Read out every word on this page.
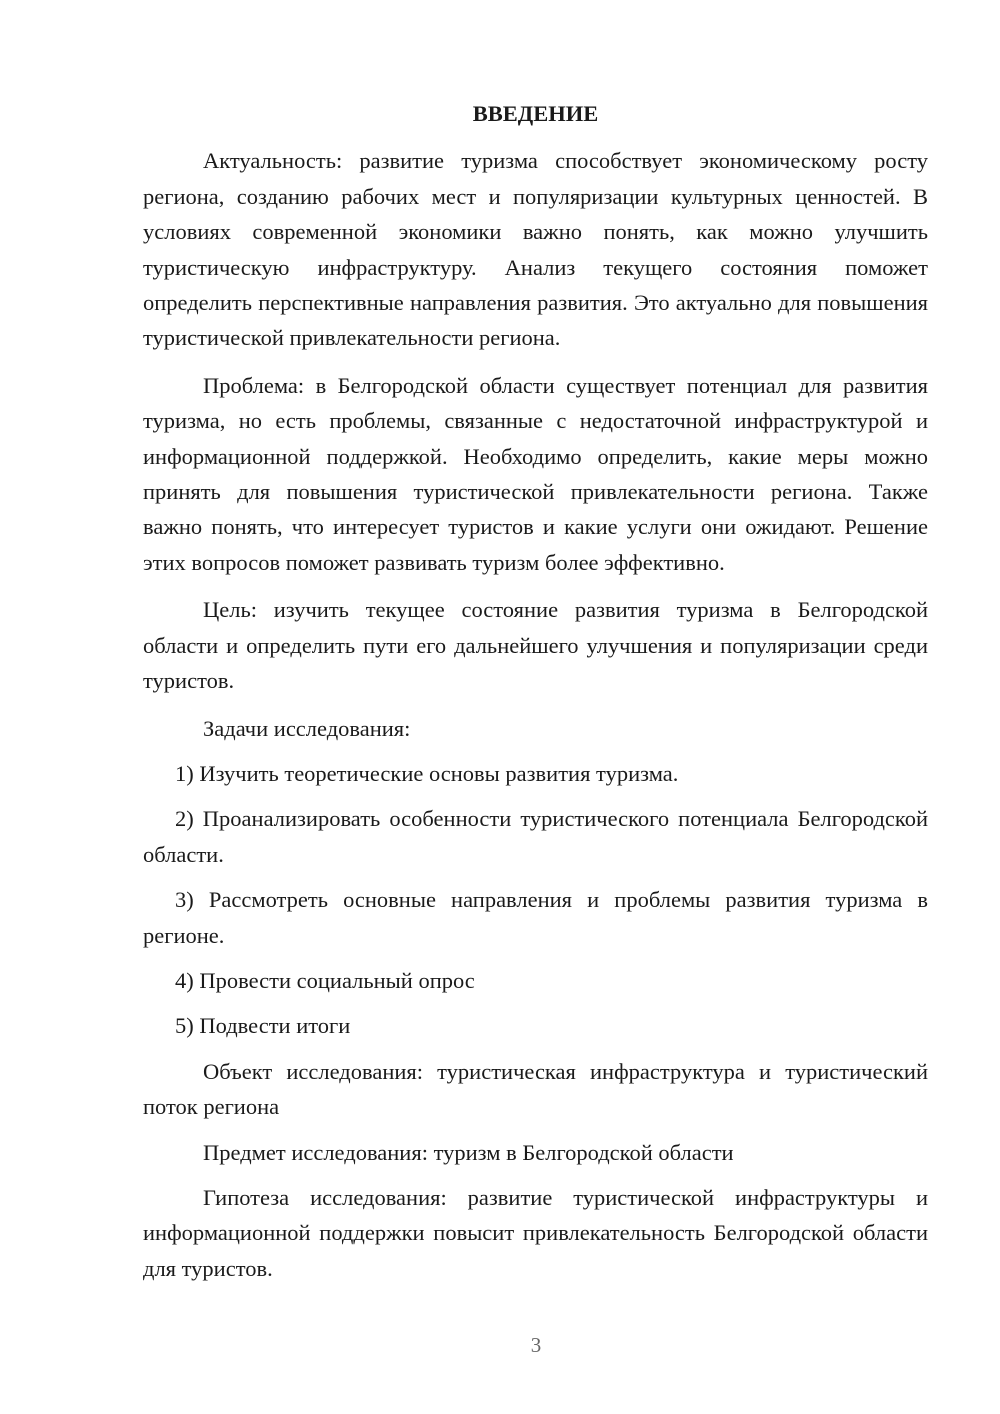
ВВЕДЕНИЕ

Актуальность: развитие туризма способствует экономическому росту региона, созданию рабочих мест и популяризации культурных ценностей. В условиях современной экономики важно понять, как можно улучшить туристическую инфраструктуру. Анализ текущего состояния поможет определить перспективные направления развития. Это актуально для повышения туристической привлекательности региона.

Проблема: в Белгородской области существует потенциал для развития туризма, но есть проблемы, связанные с недостаточной инфраструктурой и информационной поддержкой. Необходимо определить, какие меры можно принять для повышения туристической привлекательности региона. Также важно понять, что интересует туристов и какие услуги они ожидают. Решение этих вопросов поможет развивать туризм более эффективно.

Цель: изучить текущее состояние развития туризма в Белгородской области и определить пути его дальнейшего улучшения и популяризации среди туристов.

Задачи исследования:

1) Изучить теоретические основы развития туризма.

2) Проанализировать особенности туристического потенциала Белгородской области.

3) Рассмотреть основные направления и проблемы развития туризма в регионе.

4) Провести социальный опрос

5) Подвести итоги

Объект исследования: туристическая инфраструктура и туристический поток региона

Предмет исследования: туризм в Белгородской области

Гипотеза исследования: развитие туристической инфраструктуры и информационной поддержки повысит привлекательность Белгородской области для туристов.

3
